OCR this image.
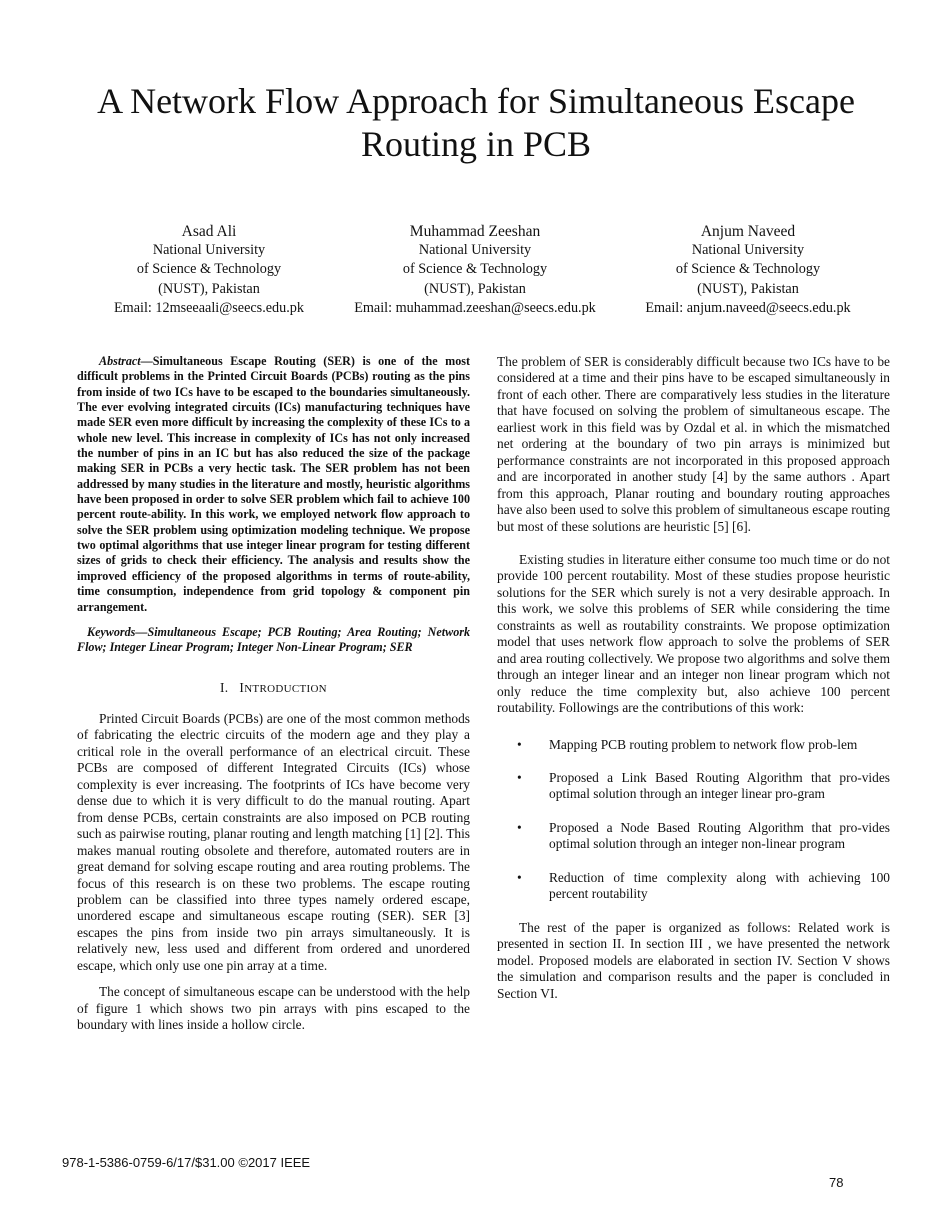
A Network Flow Approach for Simultaneous Escape Routing in PCB
Asad Ali
National University
of Science & Technology
(NUST), Pakistan
Email: 12mseeaali@seecs.edu.pk
Muhammad Zeeshan
National University
of Science & Technology
(NUST), Pakistan
Email: muhammad.zeeshan@seecs.edu.pk
Anjum Naveed
National University
of Science & Technology
(NUST), Pakistan
Email: anjum.naveed@seecs.edu.pk

Abstract—Simultaneous Escape Routing (SER) is one of the most difficult problems in the Printed Circuit Boards (PCBs) routing as the pins from inside of two ICs have to be escaped to the boundaries simultaneously. The ever evolving integrated circuits (ICs) manufacturing techniques have made SER even more difficult by increasing the complexity of these ICs to a whole new level. This increase in complexity of ICs has not only increased the number of pins in an IC but has also reduced the size of the package making SER in PCBs a very hectic task. The SER problem has not been addressed by many studies in the literature and mostly, heuristic algorithms have been proposed in order to solve SER problem which fail to achieve 100 percent route-ability. In this work, we employed network flow approach to solve the SER problem using optimization modeling technique. We propose two optimal algorithms that use integer linear program for testing different sizes of grids to check their efficiency. The analysis and results show the improved efficiency of the proposed algorithms in terms of route-ability, time consumption, independence from grid topology & component pin arrangement.

Keywords—Simultaneous Escape; PCB Routing; Area Routing; Network Flow; Integer Linear Program; Integer Non-Linear Program; SER

I. INTRODUCTION

Printed Circuit Boards (PCBs) are one of the most common methods of fabricating the electric circuits of the modern age and they play a critical role in the overall performance of an electrical circuit. These PCBs are composed of different Integrated Circuits (ICs) whose complexity is ever increasing. The footprints of ICs have become very dense due to which it is very difficult to do the manual routing. Apart from dense PCBs, certain constraints are also imposed on PCB routing such as pairwise routing, planar routing and length matching [1] [2]. This makes manual routing obsolete and therefore, automated routers are in great demand for solving escape routing and area routing problems. The focus of this research is on these two problems. The escape routing problem can be classified into three types namely ordered escape, unordered escape and simultaneous escape routing (SER). SER [3] escapes the pins from inside two pin arrays simultaneously. It is relatively new, less used and different from ordered and unordered escape, which only use one pin array at a time.

The concept of simultaneous escape can be understood with the help of figure 1 which shows two pin arrays with pins escaped to the boundary with lines inside a hollow circle.

The problem of SER is considerably difficult because two ICs have to be considered at a time and their pins have to be escaped simultaneously in front of each other. There are comparatively less studies in the literature that have focused on solving the problem of simultaneous escape. The earliest work in this field was by Ozdal et al. in which the mismatched net ordering at the boundary of two pin arrays is minimized but performance constraints are not incorporated in this proposed approach and are incorporated in another study [4] by the same authors . Apart from this approach, Planar routing and boundary routing approaches have also been used to solve this problem of simultaneous escape routing but most of these solutions are heuristic [5] [6].

Existing studies in literature either consume too much time or do not provide 100 percent routability. Most of these studies propose heuristic solutions for the SER which surely is not a very desirable approach. In this work, we solve this problems of SER while considering the time constraints as well as routability constraints. We propose optimization model that uses network flow approach to solve the problems of SER and area routing collectively. We propose two algorithms and solve them through an integer linear and an integer non linear program which not only reduce the time complexity but, also achieve 100 percent routability. Followings are the contributions of this work:

• Mapping PCB routing problem to network flow prob-lem
• Proposed a Link Based Routing Algorithm that pro-vides optimal solution through an integer linear pro-gram
• Proposed a Node Based Routing Algorithm that pro-vides optimal solution through an integer non-linear program
• Reduction of time complexity along with achieving 100 percent routability

The rest of the paper is organized as follows: Related work is presented in section II. In section III , we have presented the network model. Proposed models are elaborated in section IV. Section V shows the simulation and comparison results and the paper is concluded in Section VI.

978-1-5386-0759-6/17/$31.00 ©2017 IEEE
78
